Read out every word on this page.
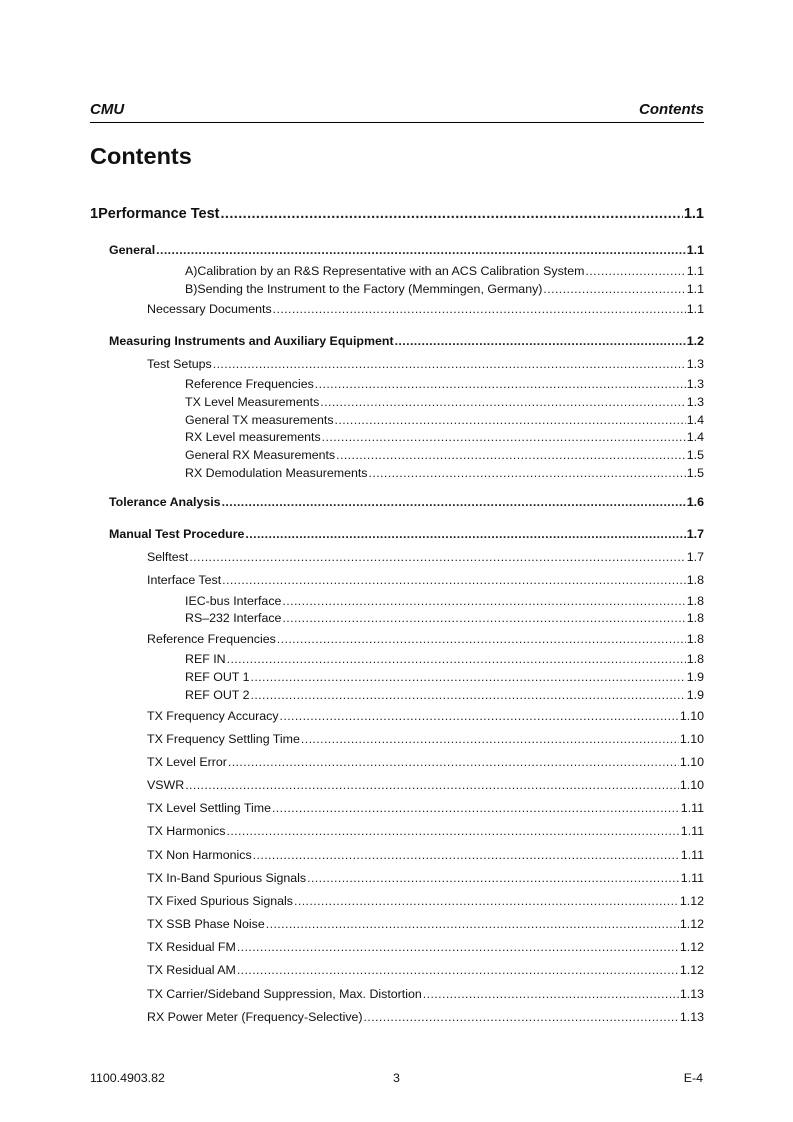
CMU	Contents
Contents
1 Performance Test .....	1.1
General .....	1.1
A) Calibration by an R&S Representative with an ACS Calibration System .....	1.1
B) Sending the Instrument to the Factory (Memmingen, Germany) .....	1.1
Necessary Documents .....	1.1
Measuring Instruments and Auxiliary Equipment .....	1.2
Test Setups .....	1.3
Reference Frequencies .....	1.3
TX Level Measurements .....	1.3
General TX measurements .....	1.4
RX Level measurements .....	1.4
General RX Measurements .....	1.5
RX Demodulation Measurements .....	1.5
Tolerance Analysis .....	1.6
Manual Test Procedure .....	1.7
Selftest .....	1.7
Interface Test .....	1.8
IEC-bus Interface .....	1.8
RS–232 Interface .....	1.8
Reference Frequencies .....	1.8
REF IN .....	1.8
REF OUT 1 .....	1.9
REF OUT 2 .....	1.9
TX Frequency Accuracy .....	1.10
TX Frequency Settling Time .....	1.10
TX Level Error .....	1.10
VSWR .....	1.10
TX Level Settling Time .....	1.11
TX Harmonics .....	1.11
TX Non Harmonics .....	1.11
TX In-Band Spurious Signals .....	1.11
TX Fixed Spurious Signals .....	1.12
TX SSB Phase Noise .....	1.12
TX Residual FM .....	1.12
TX Residual AM .....	1.12
TX Carrier/Sideband Suppression, Max. Distortion .....	1.13
RX Power Meter (Frequency-Selective) .....	1.13
1100.4903.82	3	E-4
